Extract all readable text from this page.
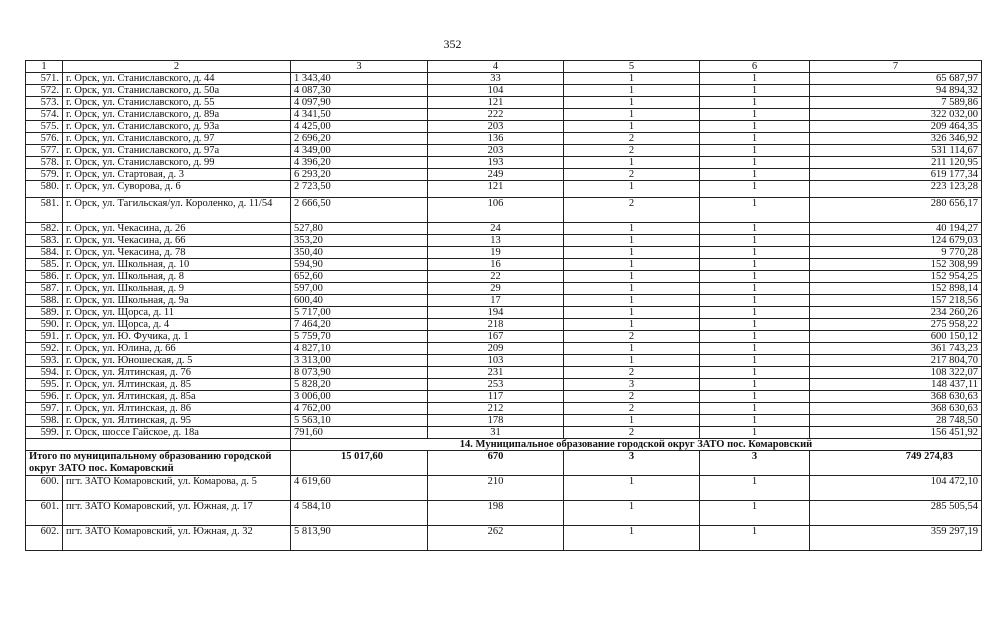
352
1	2	3	4	5	6	7
571.	г. Орск, ул. Станиславского, д. 44	1 343,40	33	1	1	65 687,97
572.	г. Орск, ул. Станиславского, д. 50а	4 087,30	104	1	1	94 894,32
573.	г. Орск, ул. Станиславского, д. 55	4 097,90	121	1	1	7 589,86
574.	г. Орск, ул. Станиславского, д. 89а	4 341,50	222	1	1	322 032,00
575.	г. Орск, ул. Станиславского, д. 93а	4 425,00	203	1	1	209 464,35
576.	г. Орск, ул. Станиславского, д. 97	2 696,20	136	2	1	326 346,92
577.	г. Орск, ул. Станиславского, д. 97а	4 349,00	203	2	1	531 114,67
578.	г. Орск, ул. Станиславского, д. 99	4 396,20	193	1	1	211 120,95
579.	г. Орск, ул. Стартовая, д. 3	6 293,20	249	2	1	619 177,34
580.	г. Орск, ул. Суворова, д. 6	2 723,50	121	1	1	223 123,28
581.	г. Орск, ул. Тагильская/ул. Короленко, д. 11/54	2 666,50	106	2	1	280 656,17
582.	г. Орск, ул. Чекасина, д. 26	527,80	24	1	1	40 194,27
583.	г. Орск, ул. Чекасина, д. 66	353,20	13	1	1	124 679,03
584.	г. Орск, ул. Чекасина, д. 78	350,40	19	1	1	9 770,28
585.	г. Орск, ул. Школьная, д. 10	594,90	16	1	1	152 308,99
586.	г. Орск, ул. Школьная, д. 8	652,60	22	1	1	152 954,25
587.	г. Орск, ул. Школьная, д. 9	597,00	29	1	1	152 898,14
588.	г. Орск, ул. Школьная, д. 9а	600,40	17	1	1	157 218,56
589.	г. Орск, ул. Щорса, д. 11	5 717,00	194	1	1	234 260,26
590.	г. Орск, ул. Щорса, д. 4	7 464,20	218	1	1	275 958,22
591.	г. Орск, ул. Ю. Фучика, д. 1	5 759,70	167	2	1	600 150,12
592.	г. Орск, ул. Юлина, д. 66	4 827,10	209	1	1	361 743,23
593.	г. Орск, ул. Юношеская, д. 5	3 313,00	103	1	1	217 804,70
594.	г. Орск, ул. Ялтинская, д. 76	8 073,90	231	2	1	108 322,07
595.	г. Орск, ул. Ялтинская, д. 85	5 828,20	253	3	1	148 437,11
596.	г. Орск, ул. Ялтинская, д. 85а	3 006,00	117	2	1	368 630,63
597.	г. Орск, ул. Ялтинская, д. 86	4 762,00	212	2	1	368 630,63
598.	г. Орск, ул. Ялтинская, д. 95	5 563,10	178	1	1	28 748,50
599.	г. Орск, шоссе Гайское, д. 18а	791,60	31	2	1	156 451,92
		14. Муниципальное образование городской округ ЗАТО пос. Комаровский				
Итого по муниципальному образованию городской округ ЗАТО пос. Комаровский		15 017,60	670	3	3	749 274,83
600.	пгт. ЗАТО Комаровский, ул. Комарова, д. 5	4 619,60	210	1	1	104 472,10
601.	пгт. ЗАТО Комаровский, ул. Южная, д. 17	4 584,10	198	1	1	285 505,54
602.	пгт. ЗАТО Комаровский, ул. Южная, д. 32	5 813,90	262	1	1	359 297,19
